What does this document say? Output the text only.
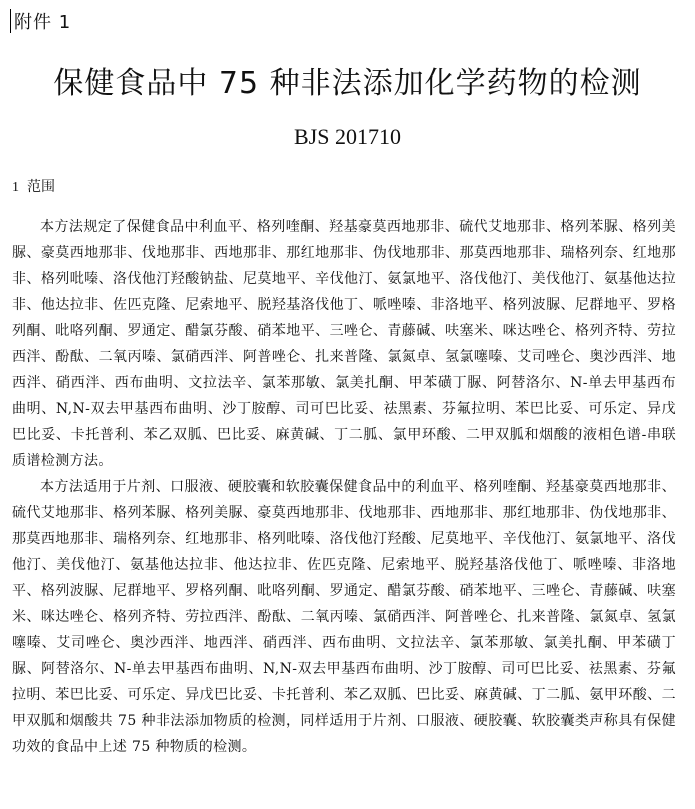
附件 1
保健食品中 75 种非法添加化学药物的检测
BJS 201710
1 范围

本方法规定了保健食品中利血平、格列喹酮、羟基豪莫西地那非、硫代艾地那非、格列苯脲、格列美脲、豪莫西地那非、伐地那非、西地那非、那红地那非、伪伐地那非、那莫西地那非、瑞格列奈、红地那非、格列吡嗪、洛伐他汀羟酸钠盐、尼莫地平、辛伐他汀、氨氯地平、洛伐他汀、美伐他汀、氨基他达拉非、他达拉非、佐匹克隆、尼索地平、脱羟基洛伐他丁、哌唑嗪、非洛地平、格列波脲、尼群地平、罗格列酮、吡咯列酮、罗通定、醋氯芬酸、硝苯地平、三唑仑、青藤碱、呋塞米、咪达唑仑、格列齐特、劳拉西泮、酚酞、二氧丙嗪、氯硝西泮、阿普唑仑、扎来普隆、氯氮卓、氢氯噻嗪、艾司唑仑、奥沙西泮、地西泮、硝西泮、西布曲明、文拉法辛、氯苯那敏、氯美扎酮、甲苯磺丁脲、阿替洛尔、N-单去甲基西布曲明、N,N-双去甲基西布曲明、沙丁胺醇、司可巴比妥、祛黑素、芬氟拉明、苯巴比妥、可乐定、异戊巴比妥、卡托普利、苯乙双胍、巴比妥、麻黄碱、丁二胍、氯甲环酸、二甲双胍和烟酸的液相色谱-串联质谱检测方法。

本方法适用于片剂、口服液、硬胶囊和软胶囊保健食品中的利血平、格列喹酮、羟基豪莫西地那非、硫代艾地那非、格列苯脲、格列美脲、豪莫西地那非、伐地那非、西地那非、那红地那非、伪伐地那非、那莫西地那非、瑞格列奈、红地那非、格列吡嗪、洛伐他汀羟酸、尼莫地平、辛伐他汀、氨氯地平、洛伐他汀、美伐他汀、氨基他达拉非、他达拉非、佐匹克隆、尼索地平、脱羟基洛伐他丁、哌唑嗪、非洛地平、格列波脲、尼群地平、罗格列酮、吡咯列酮、罗通定、醋氯芬酸、硝苯地平、三唑仑、青藤碱、呋塞米、咪达唑仑、格列齐特、劳拉西泮、酚酞、二氧丙嗪、氯硝西泮、阿普唑仑、扎来普隆、氯氮卓、氢氯噻嗪、艾司唑仑、奥沙西泮、地西泮、硝西泮、西布曲明、文拉法辛、氯苯那敏、氯美扎酮、甲苯磺丁脲、阿替洛尔、N-单去甲基西布曲明、N,N-双去甲基西布曲明、沙丁胺醇、司可巴比妥、祛黑素、芬氟拉明、苯巴比妥、可乐定、异戊巴比妥、卡托普利、苯乙双胍、巴比妥、麻黄碱、丁二胍、氨甲环酸、二甲双胍和烟酸共 75 种非法添加物质的检测，同样适用于片剂、口服液、硬胶囊、软胶囊类声称具有保健功效的食品中上述 75 种物质的检测。
